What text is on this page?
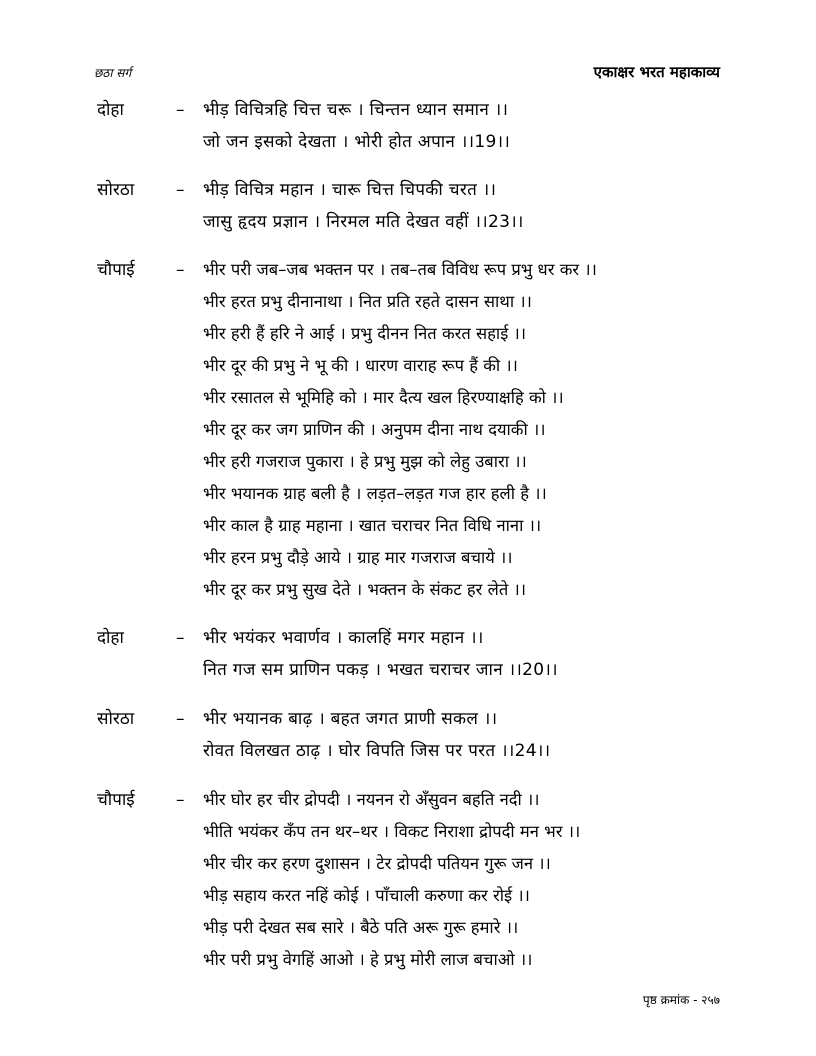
छठा सर्ग	एकाक्षर भरत महाकाव्य
दोहा	– भीड़ विचित्रहि चित्त चरू । चिन्तन ध्यान समान ।।
जो जन इसको देखता । भोरी होत अपान ।।19।।
सोरठा – भीड़ विचित्र महान । चारू चित्त चिपकी चरत ।।
जासु हृदय प्रज्ञान । निरमल मति देखत वहीं ।।23।।
चौपाई – भीर परी जब–जब भक्तन पर । तब–तब विविध रूप प्रभु धर कर ।।
भीर हरत प्रभु दीनानाथा । नित प्रति रहते दासन साथा ।।
भीर हरी हैं हरि ने आई । प्रभु दीनन नित करत सहाई ।।
भीर दूर की प्रभु ने भू की । धारण वाराह रूप हैं की ।।
भीर रसातल से भूमिहि को । मार दैत्य खल हिरण्याक्षहि को ।।
भीर दूर कर जग प्राणिन की । अनुपम दीना नाथ दयाकी ।।
भीर हरी गजराज पुकारा । हे प्रभु मुझ को लेहु उबारा ।।
भीर भयानक ग्राह बली है । लड़त–लड़त गज हार हली है ।।
भीर काल है ग्राह महाना । खात चराचर नित विधि नाना ।।
भीर हरन प्रभु दौड़े आये । ग्राह मार गजराज बचाये ।।
भीर दूर कर प्रभु सुख देते । भक्तन के संकट हर लेते ।।
दोहा	– भीर भयंकर भवार्णव । कालहिं मगर महान ।।
नित गज सम प्राणिन पकड़ । भखत चराचर जान ।।20।।
सोरठा – भीर भयानक बाढ़ । बहत जगत प्राणी सकल ।।
रोवत विलखत ठाढ़ । घोर विपति जिस पर परत ।।24।।
चौपाई – भीर घोर हर चीर द्रोपदी । नयनन रो अँसुवन बहति नदी ।।
भीति भयंकर कँप तन थर–थर । विकट निराशा द्रोपदी मन भर ।।
भीर चीर कर हरण दुशासन । टेर द्रोपदी पतियन गुरू जन ।।
भीड़ सहाय करत नहिं कोई । पाँचाली करुणा कर रोई ।।
भीड़ परी देखत सब सारे । बैठे पति अरू गुरू हमारे ।।
भीर परी प्रभु वेगहिं आओ । हे प्रभु मोरी लाज बचाओ ।।
पृष्ठ क्रमांक - २५७
